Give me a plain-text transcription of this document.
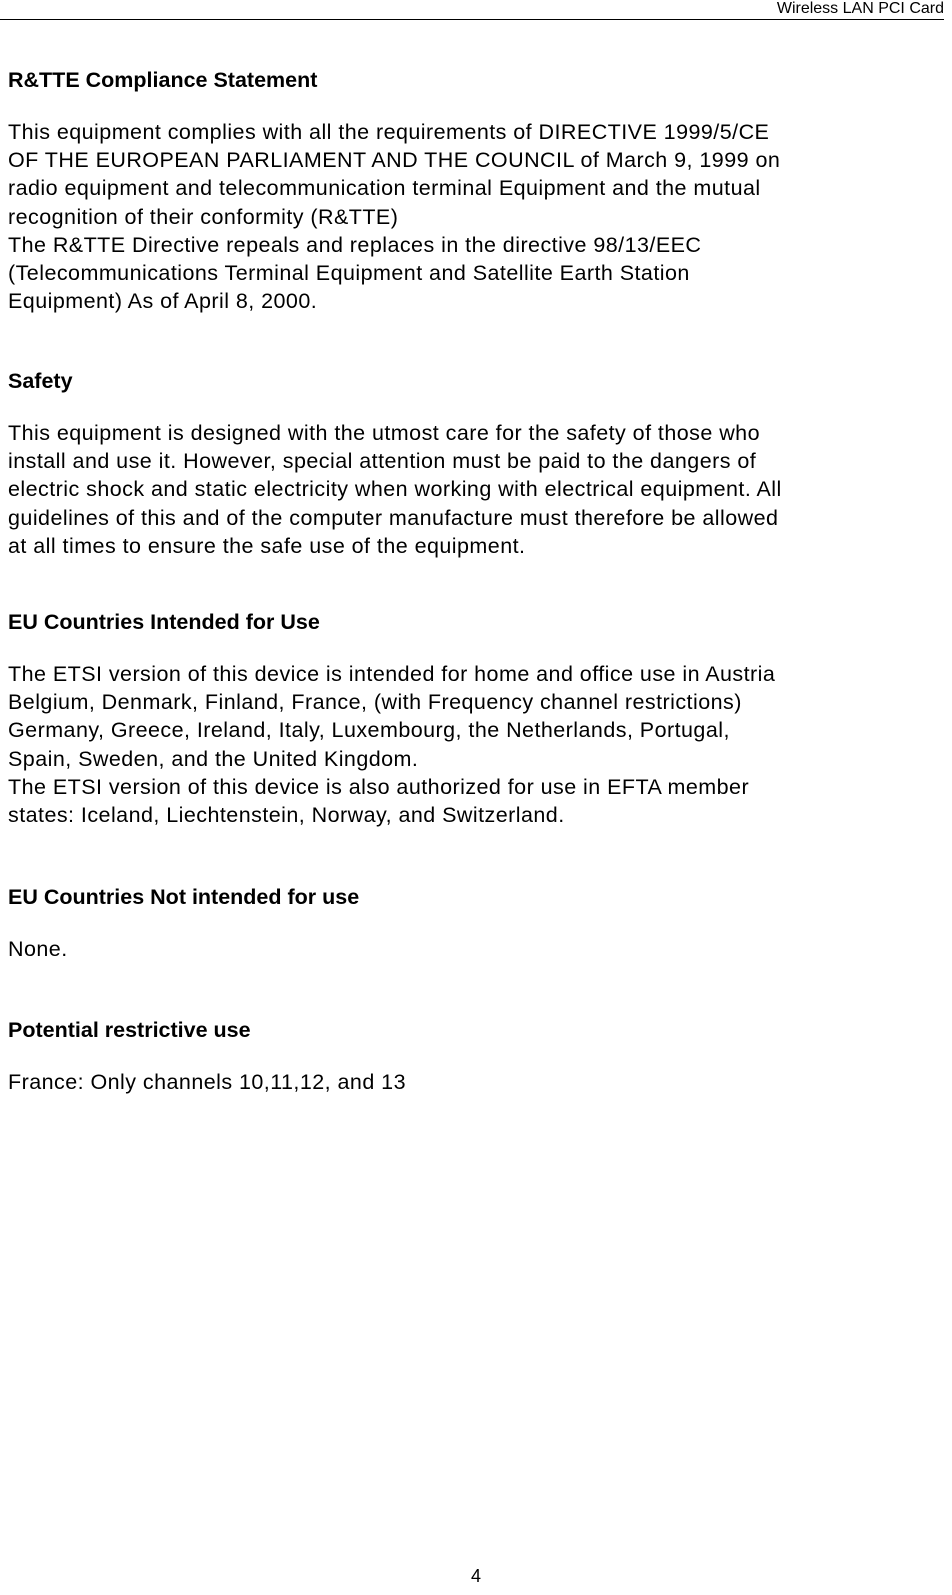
Wireless LAN PCI Card
R&TTE Compliance Statement

This equipment complies with all the requirements of DIRECTIVE 1999/5/CE
OF THE EUROPEAN PARLIAMENT AND THE COUNCIL of March 9, 1999 on
radio equipment and telecommunication terminal Equipment and the mutual
recognition of their conformity (R&TTE)
The R&TTE Directive repeals and replaces in the directive 98/13/EEC
(Telecommunications Terminal Equipment and Satellite Earth Station
Equipment) As of April 8, 2000.

Safety

This equipment is designed with the utmost care for the safety of those who
install and use it. However, special attention must be paid to the dangers of
electric shock and static electricity when working with electrical equipment. All
guidelines of this and of the computer manufacture must therefore be allowed
at all times to ensure the safe use of the equipment.

EU Countries Intended for Use

The ETSI version of this device is intended for home and office use in Austria
Belgium, Denmark, Finland, France, (with Frequency channel restrictions)
Germany, Greece, Ireland, Italy, Luxembourg, the Netherlands, Portugal,
Spain, Sweden, and the United Kingdom.
The ETSI version of this device is also authorized for use in EFTA member
states: Iceland, Liechtenstein, Norway, and Switzerland.

EU Countries Not intended for use

None.

Potential restrictive use

France: Only channels 10,11,12, and 13

4
